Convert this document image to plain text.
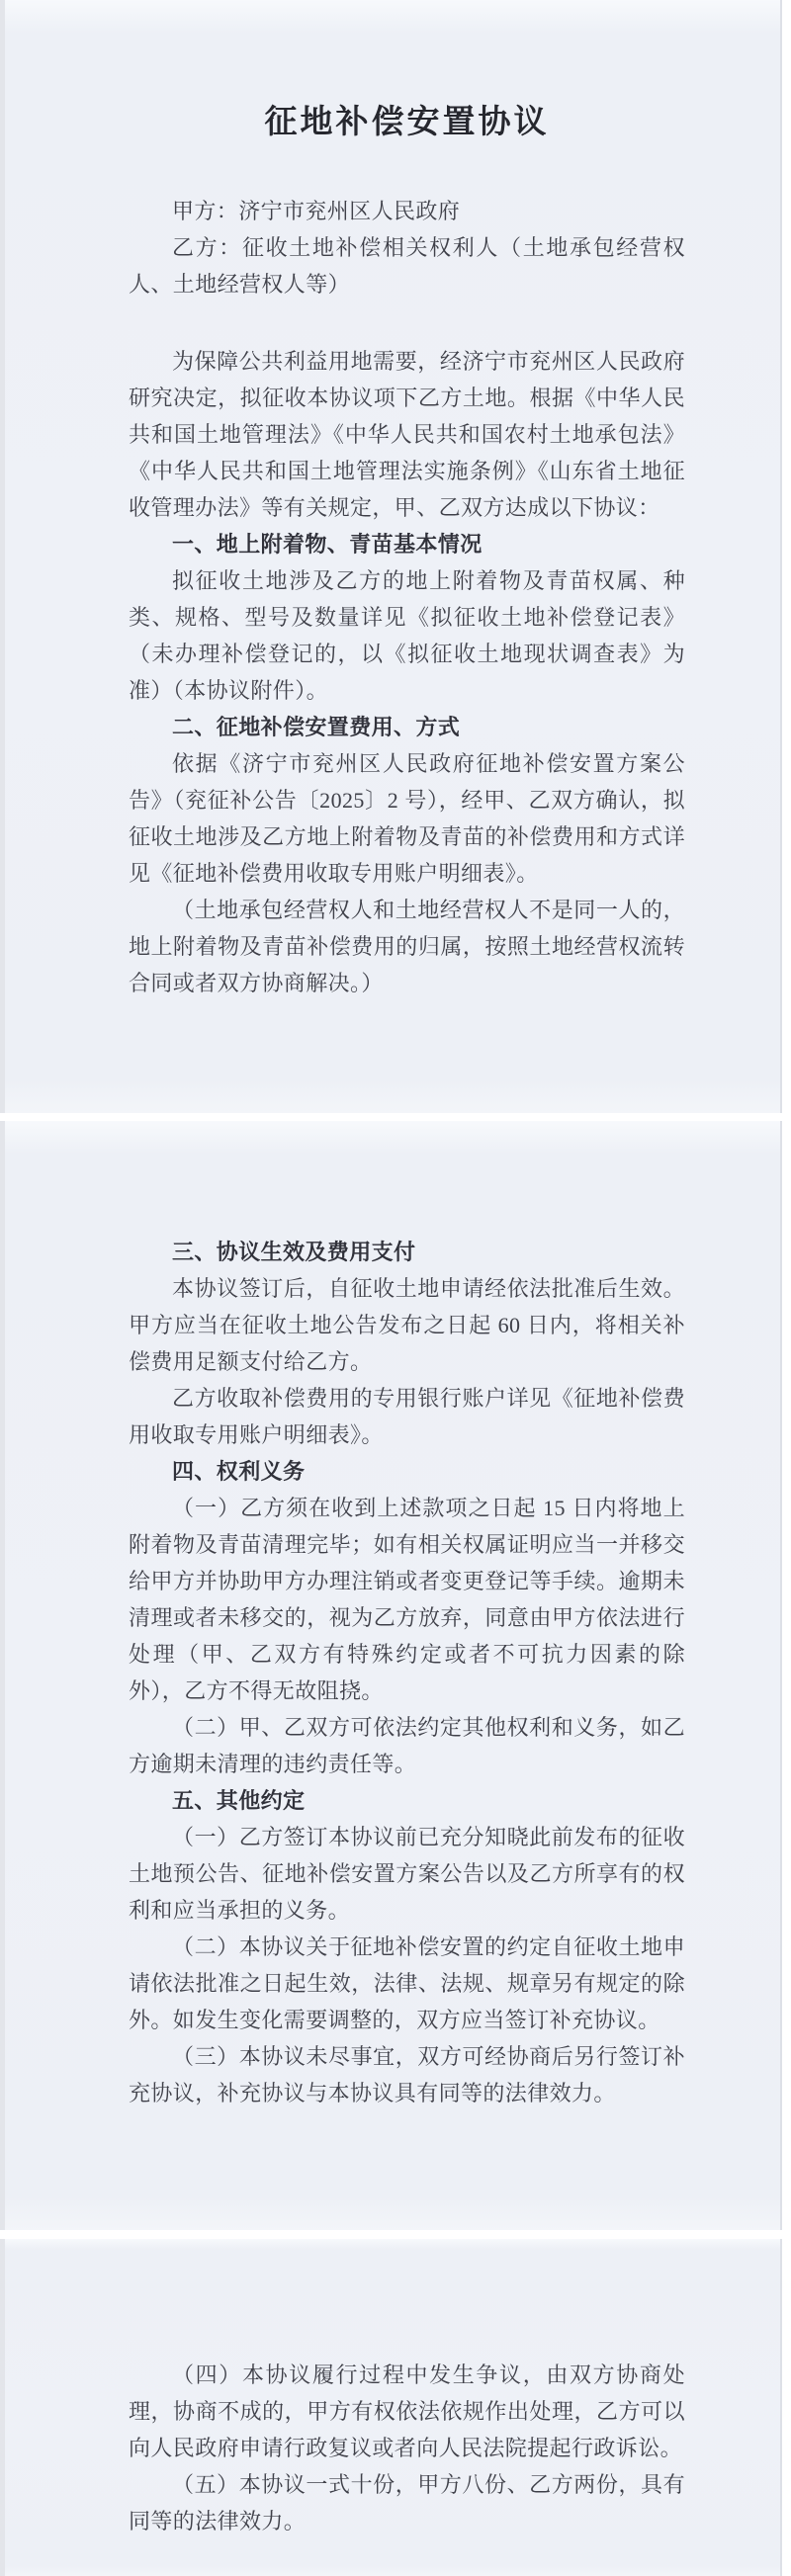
征地补偿安置协议
甲方：济宁市兖州区人民政府
乙方：征收土地补偿相关权利人（土地承包经营权人、土地经营权人等）
为保障公共利益用地需要，经济宁市兖州区人民政府研究决定，拟征收本协议项下乙方土地。根据《中华人民共和国土地管理法》《中华人民共和国农村土地承包法》《中华人民共和国土地管理法实施条例》《山东省土地征收管理办法》等有关规定，甲、乙双方达成以下协议：
一、地上附着物、青苗基本情况
拟征收土地涉及乙方的地上附着物及青苗权属、种类、规格、型号及数量详见《拟征收土地补偿登记表》（未办理补偿登记的，以《拟征收土地现状调查表》为准）（本协议附件）。
二、征地补偿安置费用、方式
依据《济宁市兖州区人民政府征地补偿安置方案公告》（兖征补公告〔2025〕2 号），经甲、乙双方确认，拟征收土地涉及乙方地上附着物及青苗的补偿费用和方式详见《征地补偿费用收取专用账户明细表》。
（土地承包经营权人和土地经营权人不是同一人的，地上附着物及青苗补偿费用的归属，按照土地经营权流转合同或者双方协商解决。）
三、协议生效及费用支付
本协议签订后，自征收土地申请经依法批准后生效。甲方应当在征收土地公告发布之日起 60 日内，将相关补偿费用足额支付给乙方。
乙方收取补偿费用的专用银行账户详见《征地补偿费用收取专用账户明细表》。
四、权利义务
（一）乙方须在收到上述款项之日起 15 日内将地上附着物及青苗清理完毕；如有相关权属证明应当一并移交给甲方并协助甲方办理注销或者变更登记等手续。逾期未清理或者未移交的，视为乙方放弃，同意由甲方依法进行处理（甲、乙双方有特殊约定或者不可抗力因素的除外），乙方不得无故阻挠。
（二）甲、乙双方可依法约定其他权利和义务，如乙方逾期未清理的违约责任等。
五、其他约定
（一）乙方签订本协议前已充分知晓此前发布的征收土地预公告、征地补偿安置方案公告以及乙方所享有的权利和应当承担的义务。
（二）本协议关于征地补偿安置的约定自征收土地申请依法批准之日起生效，法律、法规、规章另有规定的除外。如发生变化需要调整的，双方应当签订补充协议。
（三）本协议未尽事宜，双方可经协商后另行签订补充协议，补充协议与本协议具有同等的法律效力。
（四）本协议履行过程中发生争议，由双方协商处理，协商不成的，甲方有权依法依规作出处理，乙方可以向人民政府申请行政复议或者向人民法院提起行政诉讼。
（五）本协议一式十份，甲方八份、乙方两份，具有同等的法律效力。
